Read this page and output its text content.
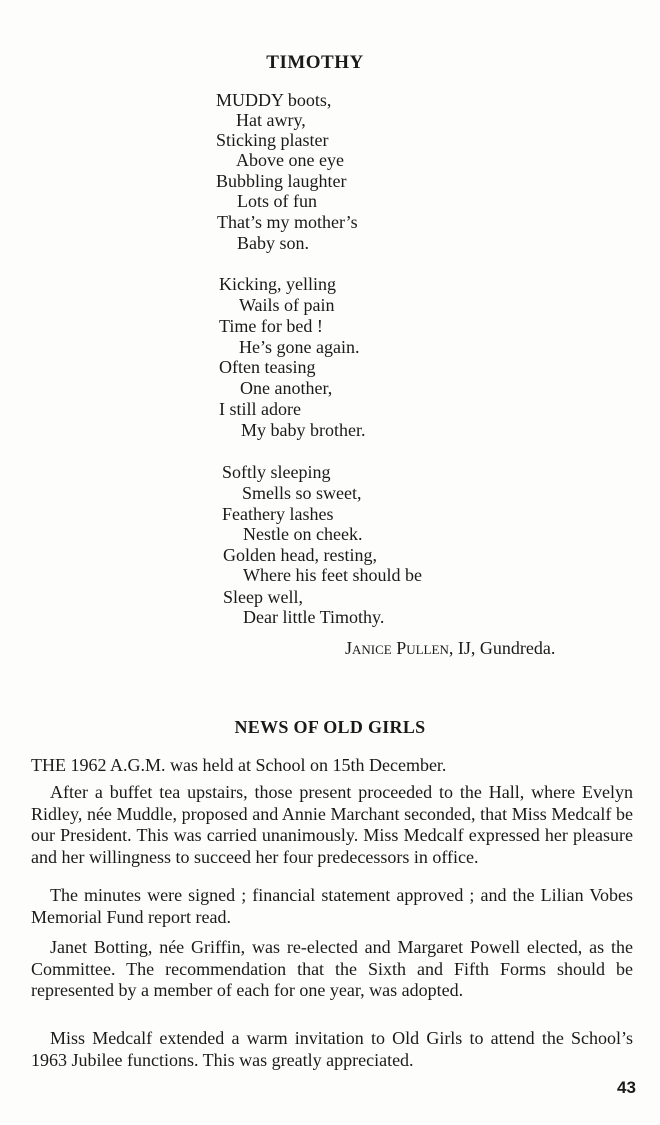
TIMOTHY
MUDDY boots,
Hat awry,
Sticking plaster
Above one eye
Bubbling laughter
Lots of fun
That’s my mother’s
Baby son.
Kicking, yelling
Wails of pain
Time for bed !
He’s gone again.
Often teasing
One another,
I still adore
My baby brother.
Softly sleeping
Smells so sweet,
Feathery lashes
Nestle on cheek.
Golden head, resting,
Where his feet should be
Sleep well,
Dear little Timothy.
Janice Pullen, IJ, Gundreda.
NEWS OF OLD GIRLS

THE 1962 A.G.M. was held at School on 15th December.

After a buffet tea upstairs, those present proceeded to the Hall, where Evelyn Ridley, née Muddle, proposed and Annie Marchant seconded, that Miss Medcalf be our President. This was carried unanimously. Miss Medcalf expressed her pleasure and her willingness to succeed her four predecessors in office.

The minutes were signed ; financial statement approved ; and the Lilian Vobes Memorial Fund report read.

Janet Botting, née Griffin, was re-elected and Margaret Powell elected, as the Committee. The recommendation that the Sixth and Fifth Forms should be represented by a member of each for one year, was adopted.

Miss Medcalf extended a warm invitation to Old Girls to attend the School’s 1963 Jubilee functions. This was greatly appreciated.

43
